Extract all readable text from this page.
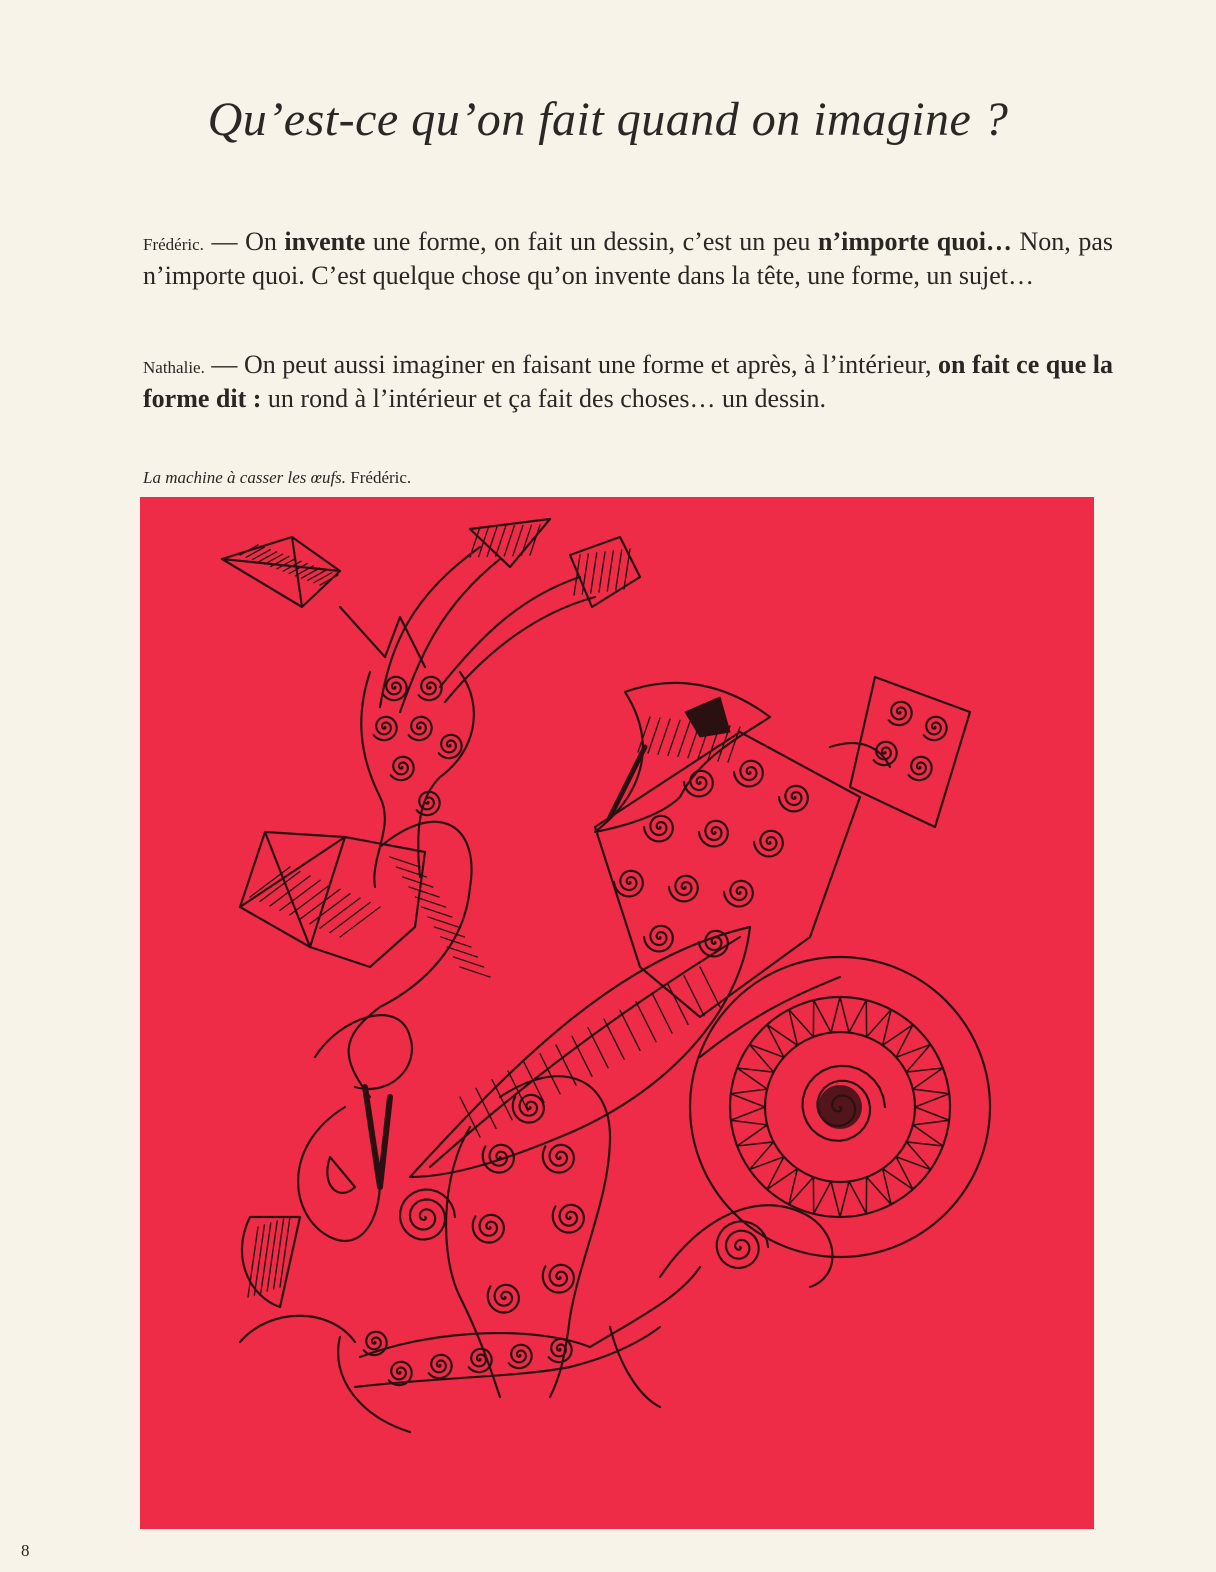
Qu’est-ce qu’on fait quand on imagine ?
Frédéric. — On invente une forme, on fait un dessin, c’est un peu n’importe quoi… Non, pas n’importe quoi. C’est quelque chose qu’on invente dans la tête, une forme, un sujet…
Nathalie. — On peut aussi imaginer en faisant une forme et après, à l’intérieur, on fait ce que la forme dit : un rond à l’intérieur et ça fait des choses… un dessin.
La machine à casser les œufs. Frédéric.
8
